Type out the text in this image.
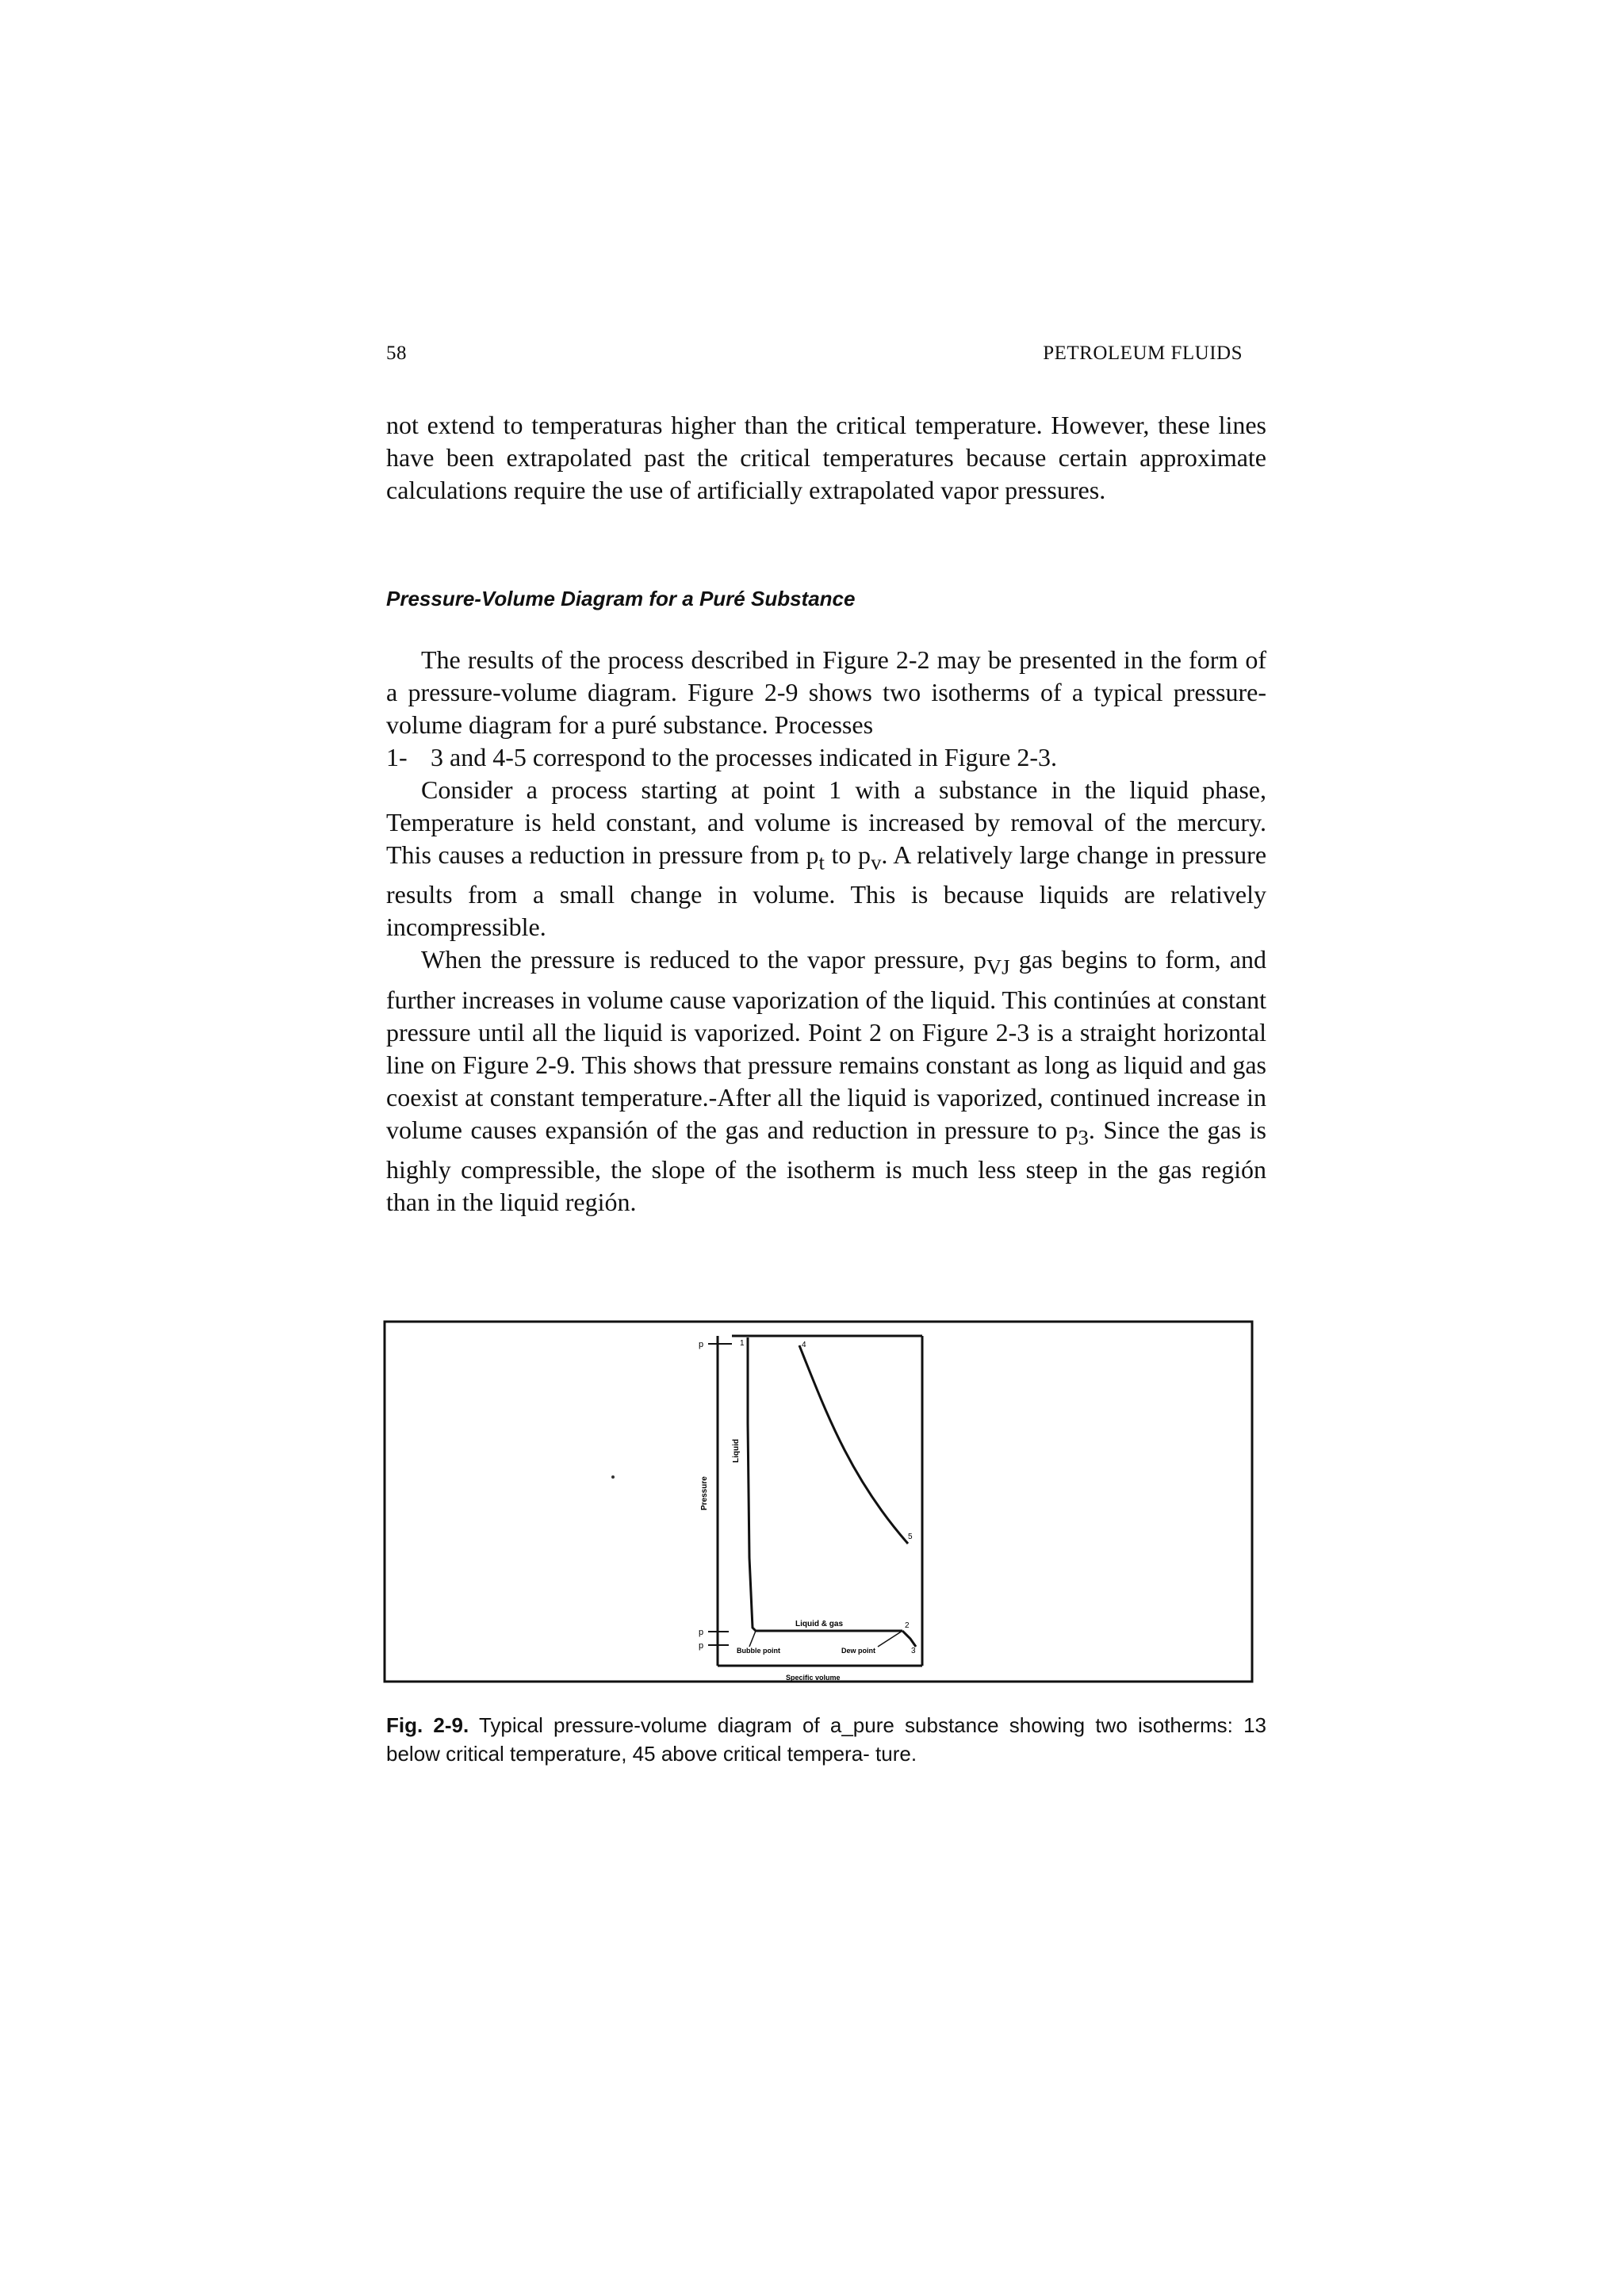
58	PETROLEUM FLUIDS

not extend to temperaturas higher than the critical temperature. However, these lines have been extrapolated past the critical temperatures because certain approximate calculations require the use of artificially extrapolated vapor pressures.

Pressure-Volume Diagram for a Puré Substance

The results of the process described in Figure 2-2 may be presented in the form of a pressure-volume diagram. Figure 2-9 shows two isotherms of a typical pressure-volume diagram for a puré substance. Processes

1- 3 and 4-5 correspond to the processes indicated in Figure 2-3.

Consider a process starting at point 1 with a substance in the liquid phase, Temperature is held constant, and volume is increased by removal of the mercury. This causes a reduction in pressure from $p_t$ to $p_v$. A relatively large change in pressure results from a small change in volume. This is because liquids are relatively incompressible.

When the pressure is reduced to the vapor pressure, $p_{VJ}$ gas begins to form, and further increases in volume cause vaporization of the liquid. This continúes at constant pressure until all the liquid is vaporized. Point 2 on Figure 2-3 is a straight horizontal line on Figure 2-9. This shows that pressure remains constant as long as liquid and gas coexist at constant temperature.-After all the liquid is vaporized, continued increase in volume causes expansión of the gas and reduction in pressure to $p_3$. Since the gas is highly compressible, the slope of the isotherm is much less steep in the gas región than in the liquid región.

p
p
p
1	4
5
2
3
Pressure
Liquid
Liquid & gas
Bubble point	Dew point
Specific volume
Fig. 2-9. Typical pressure-volume diagram of a_pure substance showing two isotherms: 13 below critical temperature, 45 above critical tempera- ture.
